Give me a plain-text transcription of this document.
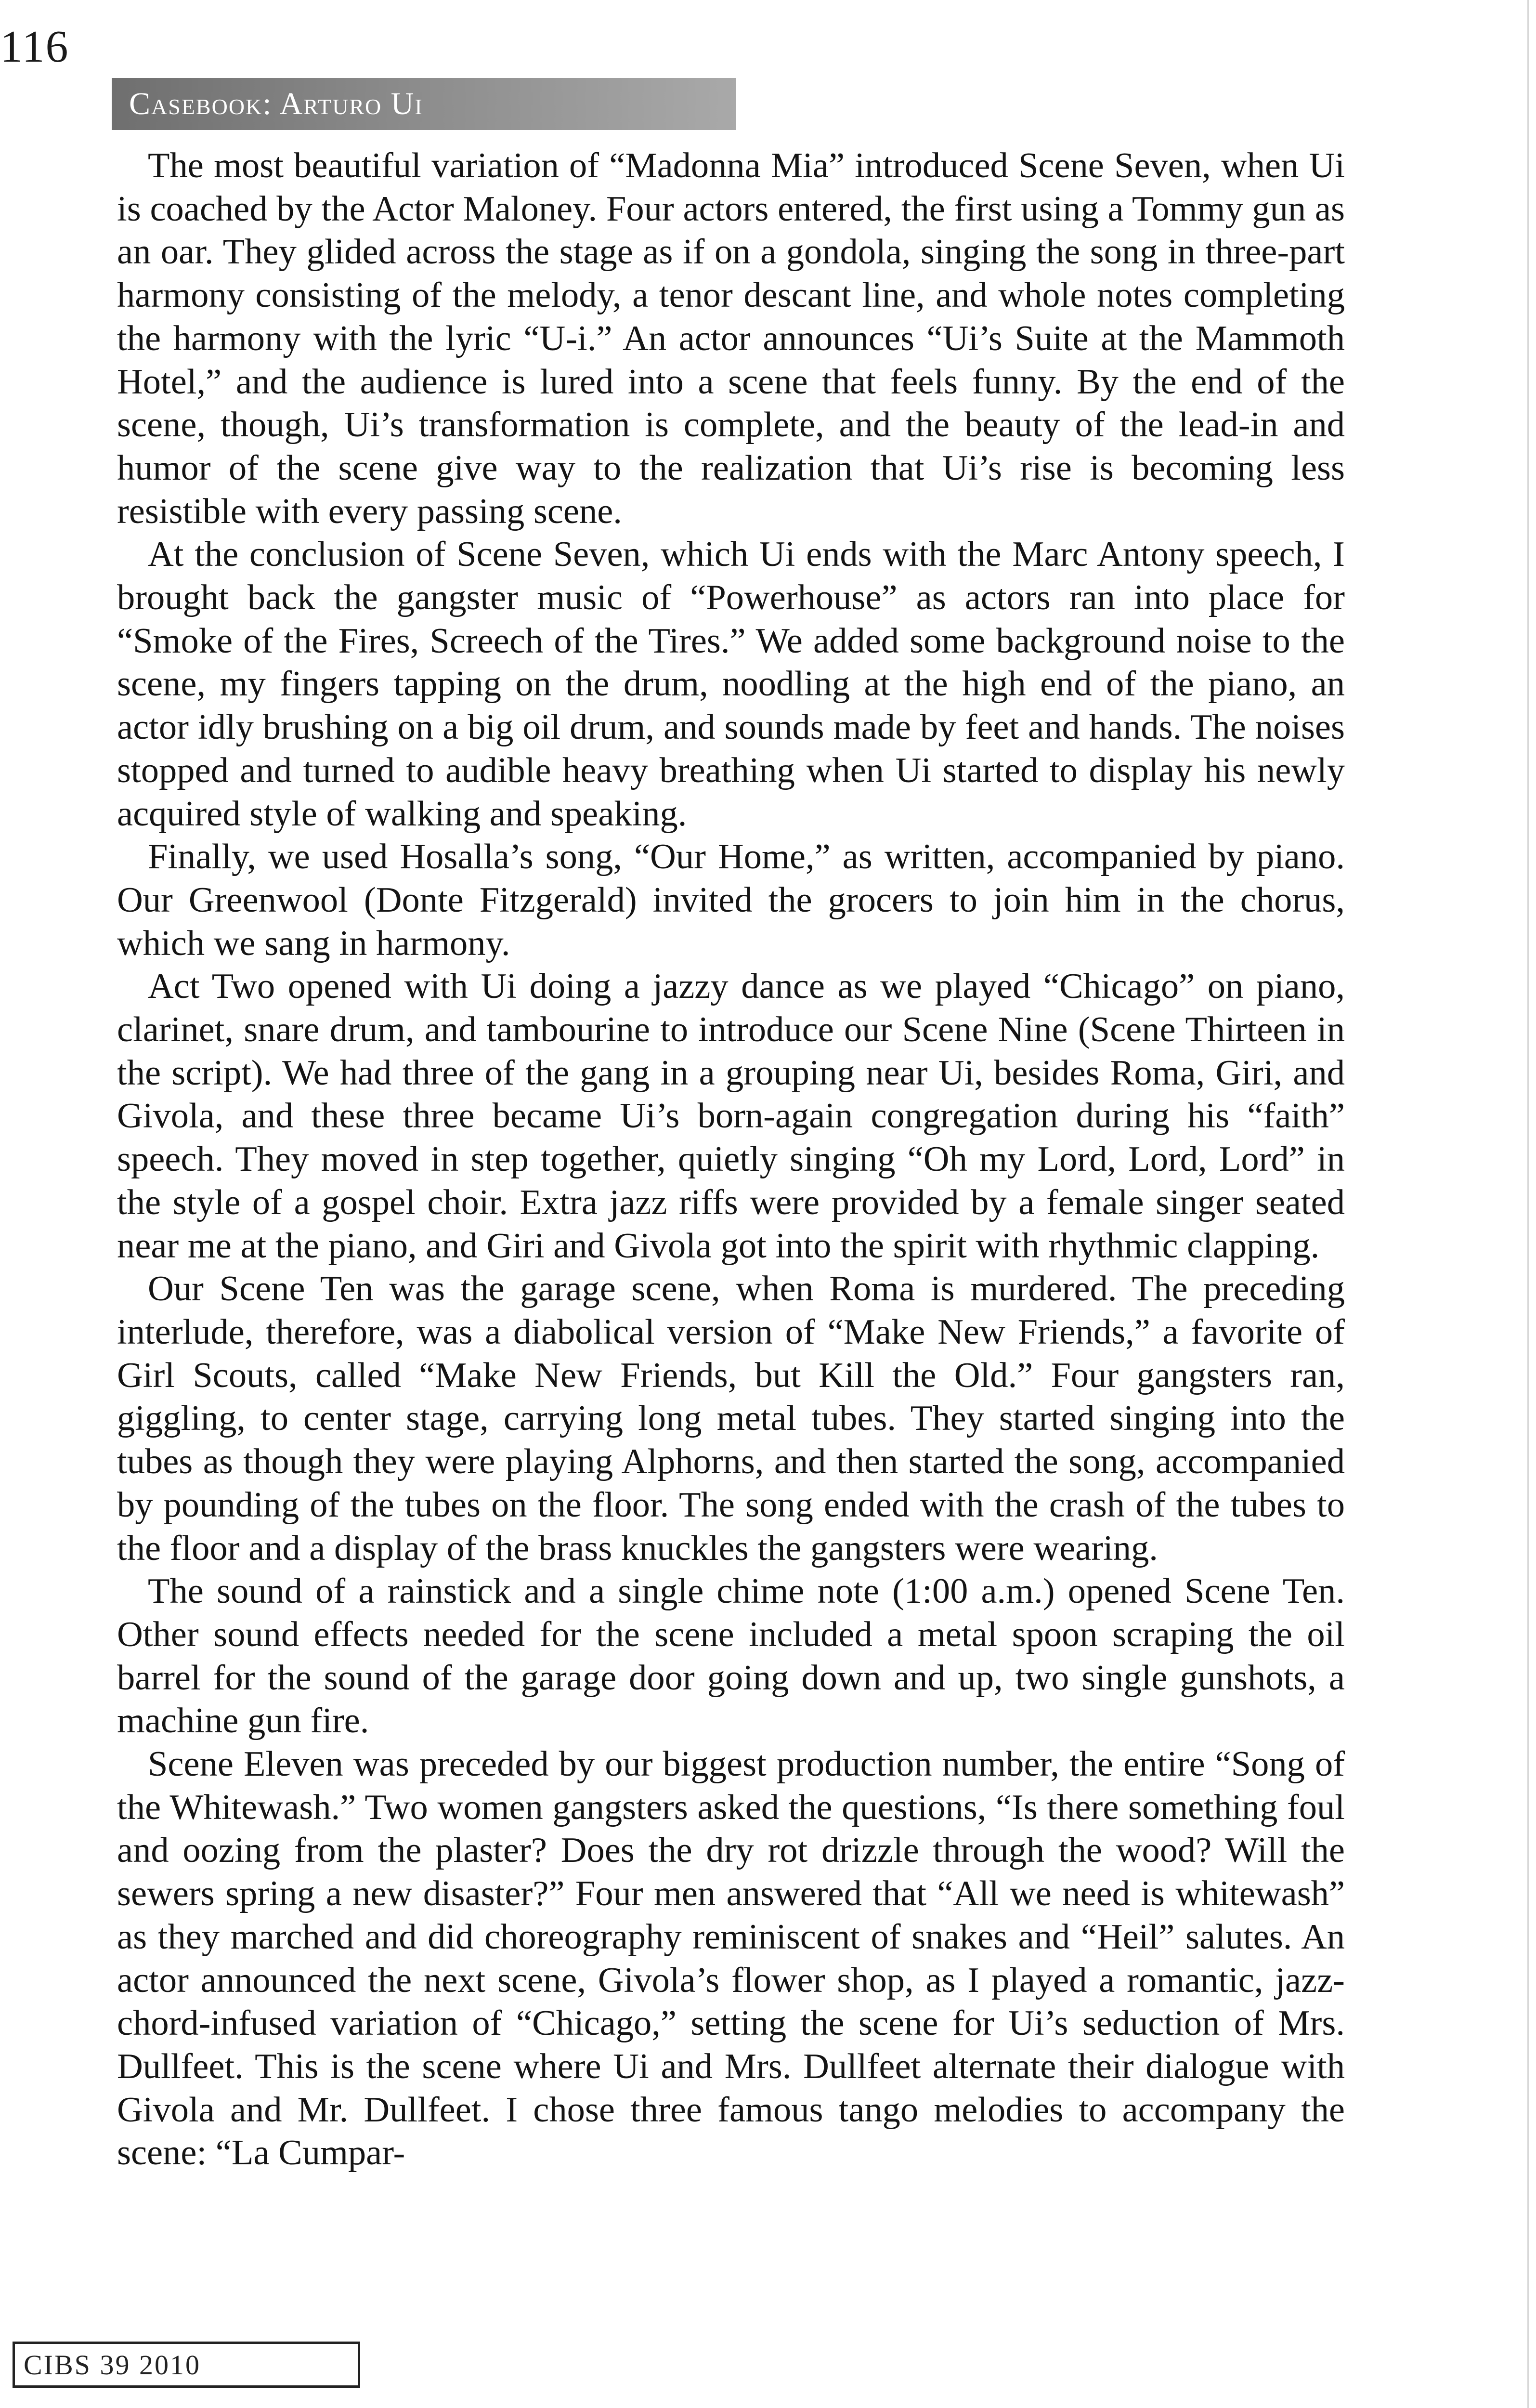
116
Casebook: Arturo Ui

The most beautiful variation of “Madonna Mia” introduced Scene Seven, when Ui is coached by the Actor Maloney. Four actors entered, the first using a Tommy gun as an oar. They glided across the stage as if on a gondola, singing the song in three-part harmony consisting of the melody, a tenor descant line, and whole notes completing the harmony with the lyric “U-i.” An actor announces “Ui’s Suite at the Mammoth Hotel,” and the audience is lured into a scene that feels funny. By the end of the scene, though, Ui’s transformation is complete, and the beauty of the lead-in and humor of the scene give way to the realization that Ui’s rise is becoming less resistible with every passing scene.

At the conclusion of Scene Seven, which Ui ends with the Marc Antony speech, I brought back the gangster music of “Powerhouse” as actors ran into place for “Smoke of the Fires, Screech of the Tires.” We added some background noise to the scene, my fingers tapping on the drum, noodling at the high end of the piano, an actor idly brushing on a big oil drum, and sounds made by feet and hands. The noises stopped and turned to audible heavy breathing when Ui started to display his newly acquired style of walking and speaking.

Finally, we used Hosalla’s song, “Our Home,” as written, accompanied by piano. Our Greenwool (Donte Fitzgerald) invited the grocers to join him in the chorus, which we sang in harmony.

Act Two opened with Ui doing a jazzy dance as we played “Chicago” on piano, clarinet, snare drum, and tambourine to introduce our Scene Nine (Scene Thirteen in the script). We had three of the gang in a grouping near Ui, besides Roma, Giri, and Givola, and these three became Ui’s born-again congregation during his “faith” speech. They moved in step together, quietly singing “Oh my Lord, Lord, Lord” in the style of a gospel choir. Extra jazz riffs were provided by a female singer seated near me at the piano, and Giri and Givola got into the spirit with rhythmic clapping.

Our Scene Ten was the garage scene, when Roma is murdered. The preceding interlude, therefore, was a diabolical version of “Make New Friends,” a favorite of Girl Scouts, called “Make New Friends, but Kill the Old.” Four gangsters ran, giggling, to center stage, carrying long metal tubes. They started singing into the tubes as though they were playing Alphorns, and then started the song, accompanied by pounding of the tubes on the floor. The song ended with the crash of the tubes to the floor and a display of the brass knuckles the gangsters were wearing.

The sound of a rainstick and a single chime note (1:00 a.m.) opened Scene Ten. Other sound effects needed for the scene included a metal spoon scraping the oil barrel for the sound of the garage door going down and up, two single gunshots, a machine gun fire.

Scene Eleven was preceded by our biggest production number, the entire “Song of the Whitewash.” Two women gangsters asked the questions, “Is there something foul and oozing from the plaster? Does the dry rot drizzle through the wood? Will the sewers spring a new disaster?” Four men answered that “All we need is whitewash” as they marched and did choreography reminiscent of snakes and “Heil” salutes. An actor announced the next scene, Givola’s flower shop, as I played a romantic, jazz-chord-infused variation of “Chicago,” setting the scene for Ui’s seduction of Mrs. Dullfeet. This is the scene where Ui and Mrs. Dullfeet alternate their dialogue with Givola and Mr. Dullfeet. I chose three famous tango melodies to accompany the scene: “La Cumpar-

CIBS 39 2010
